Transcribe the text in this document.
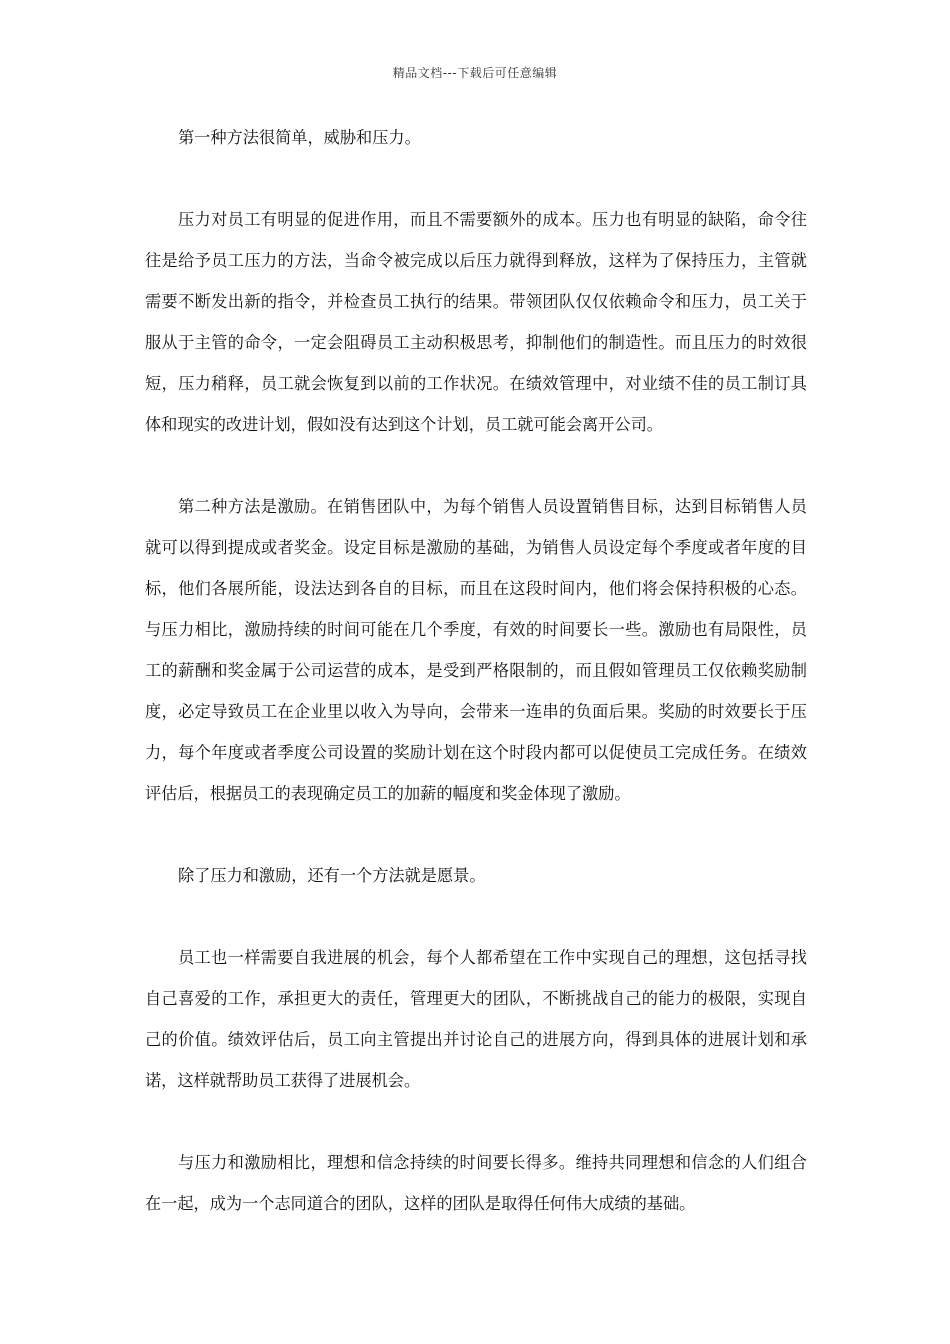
精品文档---下载后可任意编辑

第一种方法很简单，威胁和压力。

压力对员工有明显的促进作用，而且不需要额外的成本。压力也有明显的缺陷，命令往往是给予员工压力的方法，当命令被完成以后压力就得到释放，这样为了保持压力，主管就需要不断发出新的指令，并检查员工执行的结果。带领团队仅仅依赖命令和压力，员工关于服从于主管的命令，一定会阻碍员工主动积极思考，抑制他们的制造性。而且压力的时效很短，压力稍释，员工就会恢复到以前的工作状况。在绩效管理中，对业绩不佳的员工制订具体和现实的改进计划，假如没有达到这个计划，员工就可能会离开公司。

第二种方法是激励。在销售团队中，为每个销售人员设置销售目标，达到目标销售人员就可以得到提成或者奖金。设定目标是激励的基础，为销售人员设定每个季度或者年度的目标，他们各展所能，设法达到各自的目标，而且在这段时间内，他们将会保持积极的心态。与压力相比，激励持续的时间可能在几个季度，有效的时间要长一些。激励也有局限性，员工的薪酬和奖金属于公司运营的成本，是受到严格限制的，而且假如管理员工仅依赖奖励制度，必定导致员工在企业里以收入为导向，会带来一连串的负面后果。奖励的时效要长于压力，每个年度或者季度公司设置的奖励计划在这个时段内都可以促使员工完成任务。在绩效评估后，根据员工的表现确定员工的加薪的幅度和奖金体现了激励。

除了压力和激励，还有一个方法就是愿景。

员工也一样需要自我进展的机会，每个人都希望在工作中实现自己的理想，这包括寻找自己喜爱的工作，承担更大的责任，管理更大的团队，不断挑战自己的能力的极限，实现自己的价值。绩效评估后，员工向主管提出并讨论自己的进展方向，得到具体的进展计划和承诺，这样就帮助员工获得了进展机会。

与压力和激励相比，理想和信念持续的时间要长得多。维持共同理想和信念的人们组合在一起，成为一个志同道合的团队，这样的团队是取得任何伟大成绩的基础。
